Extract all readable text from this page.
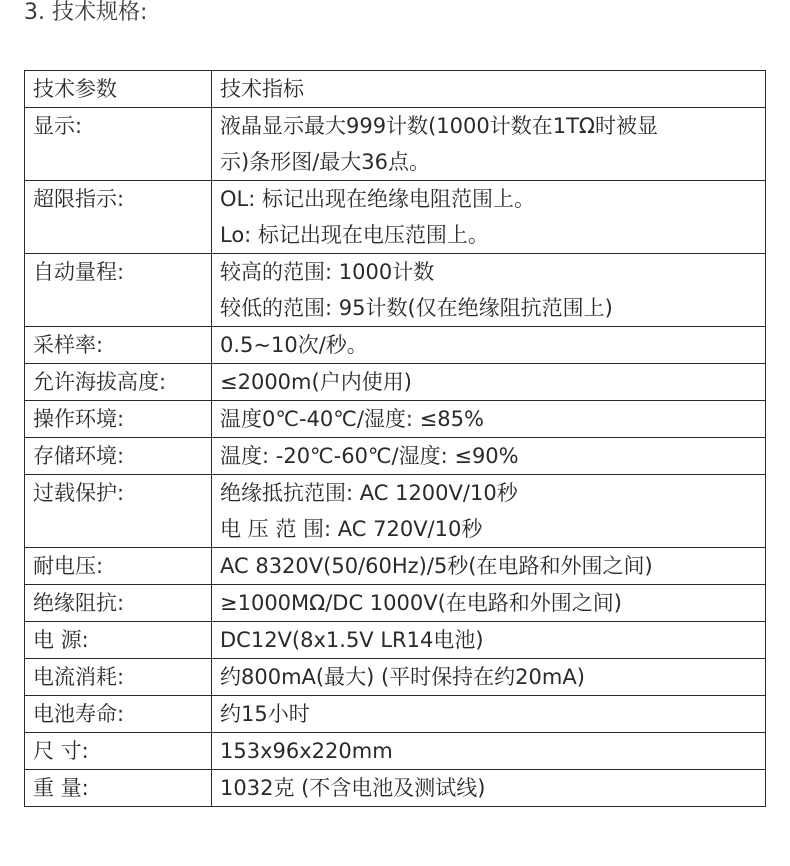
3. 技术规格:
技术参数	技术指标
显示:	液晶显示最大999计数(1000计数在1TΩ时被显
示)条形图/最大36点。

超限指示:	OL: 标记出现在绝缘电阻范围上。
Lo: 标记出现在电压范围上。

自动量程:	较高的范围: 1000计数
较低的范围: 95计数(仅在绝缘阻抗范围上)

采样率:	0.5~10次/秒。

允许海拔高度:	≤2000m(户内使用)

操作环境:	温度0℃-40℃/湿度: ≤85%

存储环境:	温度: -20℃-60℃/湿度: ≤90%

过载保护:	绝缘抵抗范围: AC 1200V/10秒
电 压 范 围: AC 720V/10秒

耐电压:	AC 8320V(50/60Hz)/5秒(在电路和外围之间)

绝缘阻抗:	≥1000MΩ/DC 1000V(在电路和外围之间)

电 源:	DC12V(8x1.5V LR14电池)

电流消耗:	约800mA(最大) (平时保持在约20mA)

电池寿命:	约15小时

尺 寸:	153x96x220mm

重 量:	1032克 (不含电池及测试线)
